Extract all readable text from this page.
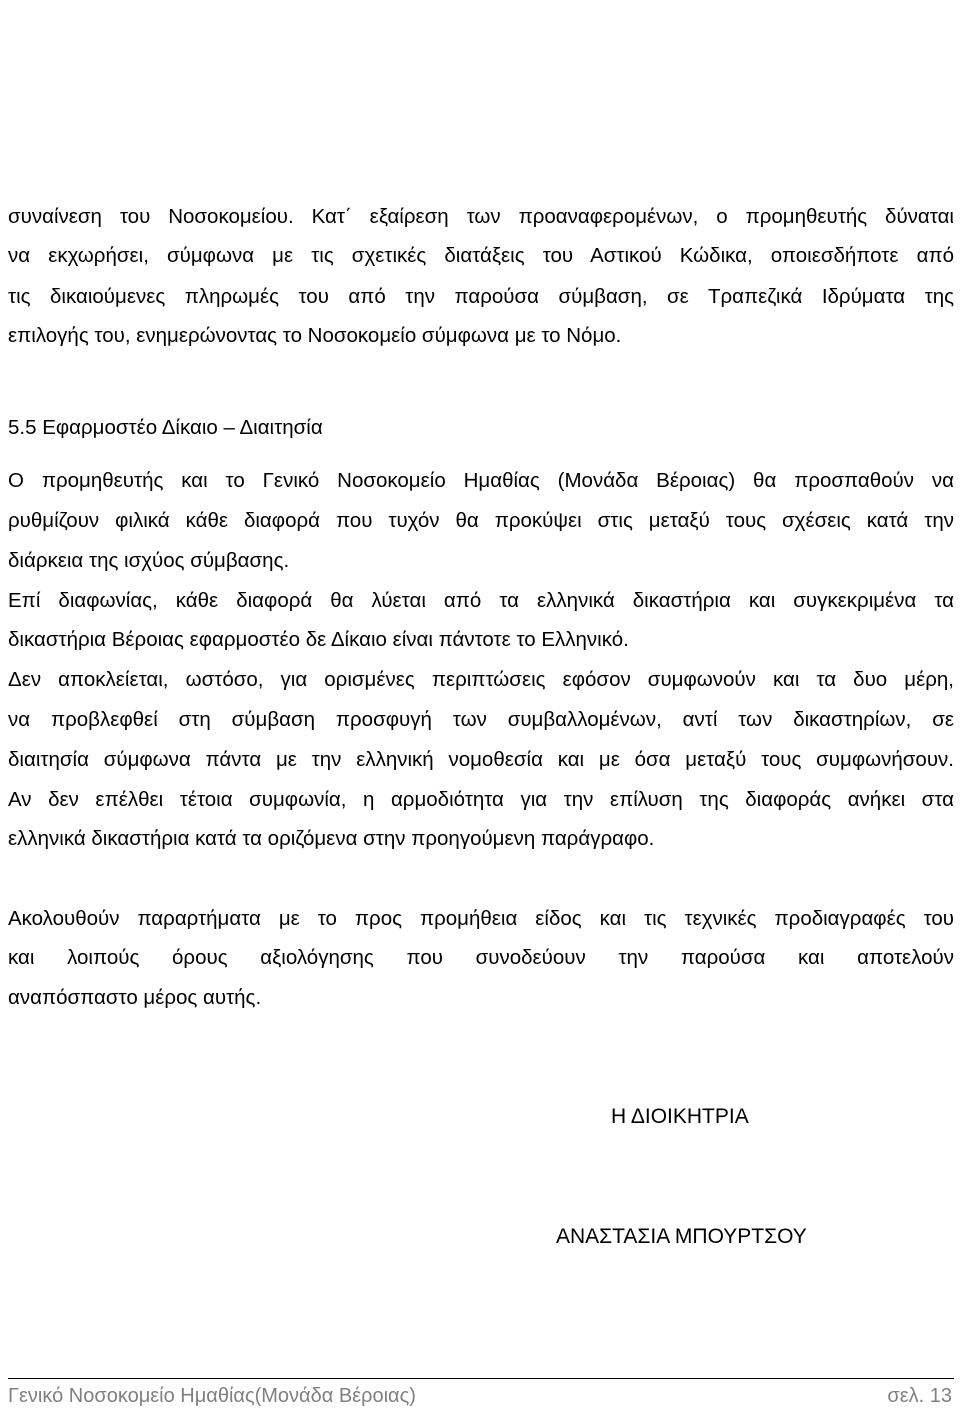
συναίνεση του Νοσοκομείου. Κατ΄ εξαίρεση των προαναφερομένων, ο προμηθευτής δύναται
να εκχωρήσει, σύμφωνα με τις σχετικές διατάξεις του Αστικού Κώδικα, οποιεσδήποτε από
τις δικαιούμενες πληρωμές του από την παρούσα σύμβαση, σε Τραπεζικά Ιδρύματα της
επιλογής του, ενημερώνοντας το Νοσοκομείο σύμφωνα με το Νόμο.
5.5 Εφαρμοστέο Δίκαιο – Διαιτησία
Ο προμηθευτής και το Γενικό Νοσοκομείο Ημαθίας (Μονάδα Βέροιας) θα προσπαθούν να
ρυθμίζουν φιλικά κάθε διαφορά που τυχόν θα προκύψει στις μεταξύ τους σχέσεις κατά την
διάρκεια της ισχύος σύμβασης.
Επί διαφωνίας, κάθε διαφορά θα λύεται από τα ελληνικά δικαστήρια και συγκεκριμένα τα
δικαστήρια Βέροιας εφαρμοστέο δε Δίκαιο είναι πάντοτε το Ελληνικό.
Δεν αποκλείεται, ωστόσο, για ορισμένες περιπτώσεις εφόσον συμφωνούν και τα δυο μέρη,
να προβλεφθεί στη σύμβαση προσφυγή των συμβαλλομένων, αντί των δικαστηρίων, σε
διαιτησία σύμφωνα πάντα με την ελληνική νομοθεσία και με όσα μεταξύ τους συμφωνήσουν.
Αν δεν επέλθει τέτοια συμφωνία, η αρμοδιότητα για την επίλυση της διαφοράς ανήκει στα
ελληνικά δικαστήρια κατά τα οριζόμενα στην προηγούμενη παράγραφο.
Ακολουθούν παραρτήματα με το προς προμήθεια είδος και τις τεχνικές προδιαγραφές του
και λοιπούς όρους αξιολόγησης που συνοδεύουν την παρούσα και αποτελούν
αναπόσπαστο μέρος αυτής.
Η ΔΙΟΙΚΗΤΡΙΑ
ΑΝΑΣΤΑΣΙΑ ΜΠΟΥΡΤΣΟΥ
Γενικό Νοσοκομείο Ημαθίας(Μονάδα Βέροιας)	σελ. 13
